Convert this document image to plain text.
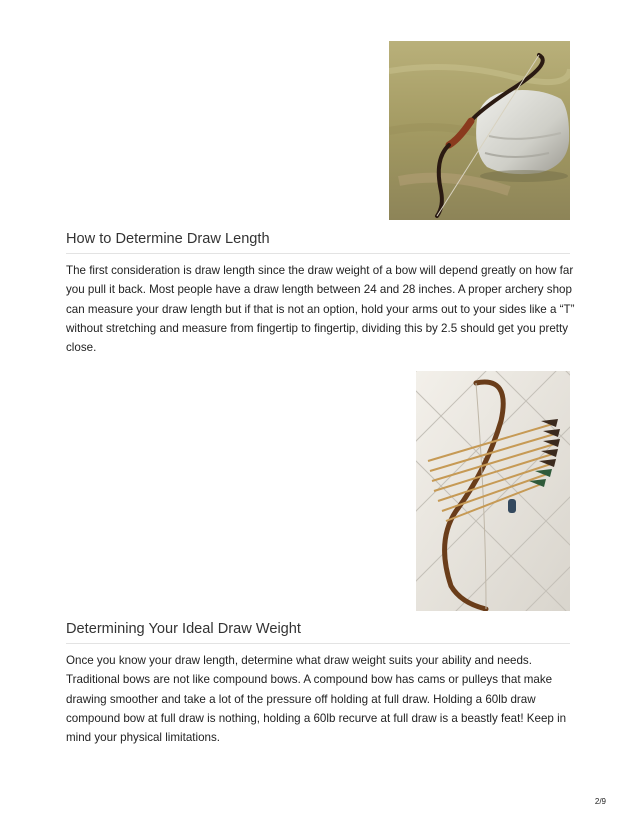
How to Determine Draw Length

The first consideration is draw length since the draw weight of a bow will depend greatly on how far you pull it back. Most people have a draw length between 24 and 28 inches. A proper archery shop can measure your draw length but if that is not an option, hold your arms out to your sides like a “T” without stretching and measure from fingertip to fingertip, dividing this by 2.5 should get you pretty close.

Determining Your Ideal Draw Weight

Once you know your draw length, determine what draw weight suits your ability and needs. Traditional bows are not like compound bows. A compound bow has cams or pulleys that make drawing smoother and take a lot of the pressure off holding at full draw. Holding a 60lb draw compound bow at full draw is nothing, holding a 60lb recurve at full draw is a beastly feat! Keep in mind your physical limitations.

2/9
